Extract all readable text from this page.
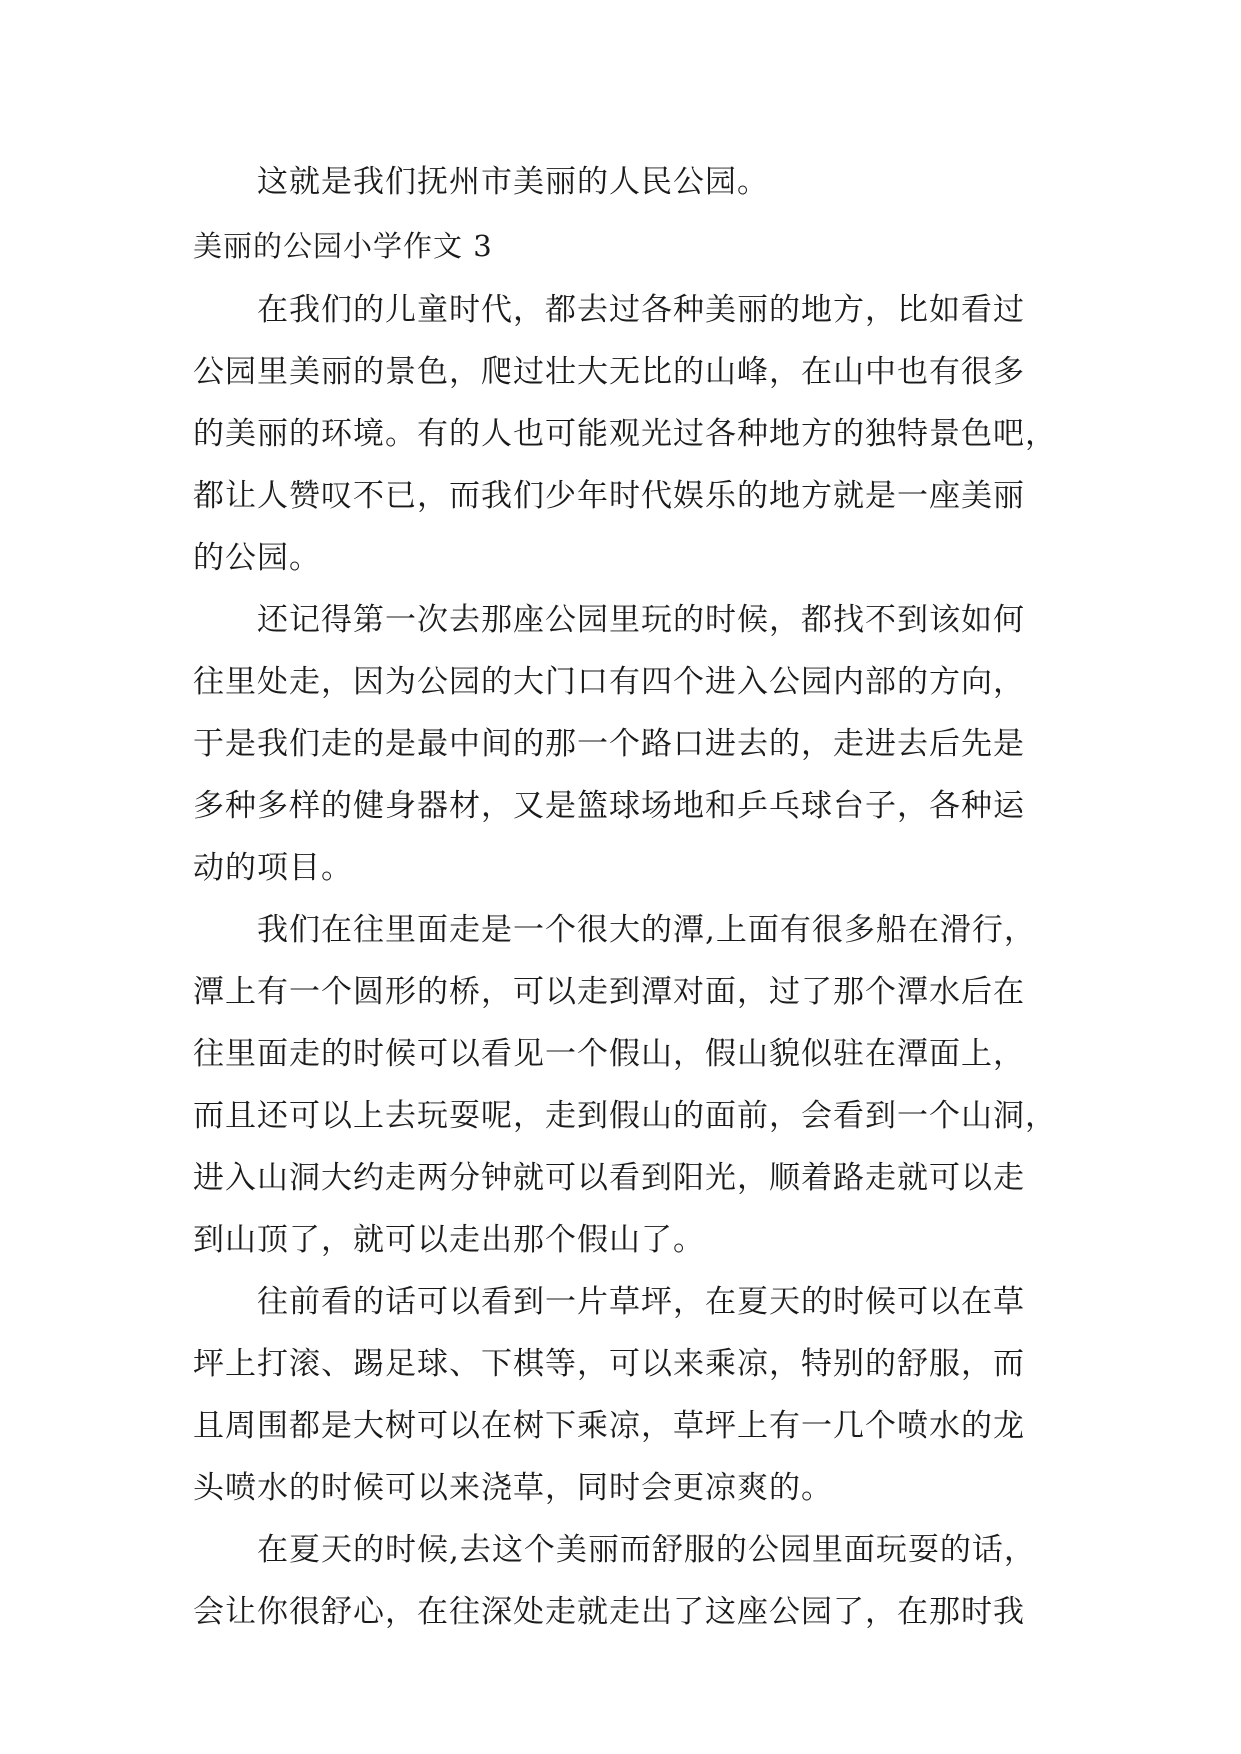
这就是我们抚州市美丽的人民公园。
美丽的公园小学作文 3
在我们的儿童时代，都去过各种美丽的地方，比如看过
公园里美丽的景色，爬过壮大无比的山峰，在山中也有很多
的美丽的环境。有的人也可能观光过各种地方的独特景色吧，
都让人赞叹不已，而我们少年时代娱乐的地方就是一座美丽
的公园。
还记得第一次去那座公园里玩的时候，都找不到该如何
往里处走，因为公园的大门口有四个进入公园内部的方向，
于是我们走的是最中间的那一个路口进去的，走进去后先是
多种多样的健身器材，又是篮球场地和乒乓球台子，各种运
动的项目。
我们在往里面走是一个很大的潭,上面有很多船在滑行，
潭上有一个圆形的桥，可以走到潭对面，过了那个潭水后在
往里面走的时候可以看见一个假山，假山貌似驻在潭面上，
而且还可以上去玩耍呢，走到假山的面前，会看到一个山洞，
进入山洞大约走两分钟就可以看到阳光，顺着路走就可以走
到山顶了，就可以走出那个假山了。
往前看的话可以看到一片草坪，在夏天的时候可以在草
坪上打滚、踢足球、下棋等，可以来乘凉，特别的舒服，而
且周围都是大树可以在树下乘凉，草坪上有一几个喷水的龙
头喷水的时候可以来浇草，同时会更凉爽的。
在夏天的时候,去这个美丽而舒服的公园里面玩耍的话，
会让你很舒心，在往深处走就走出了这座公园了，在那时我
